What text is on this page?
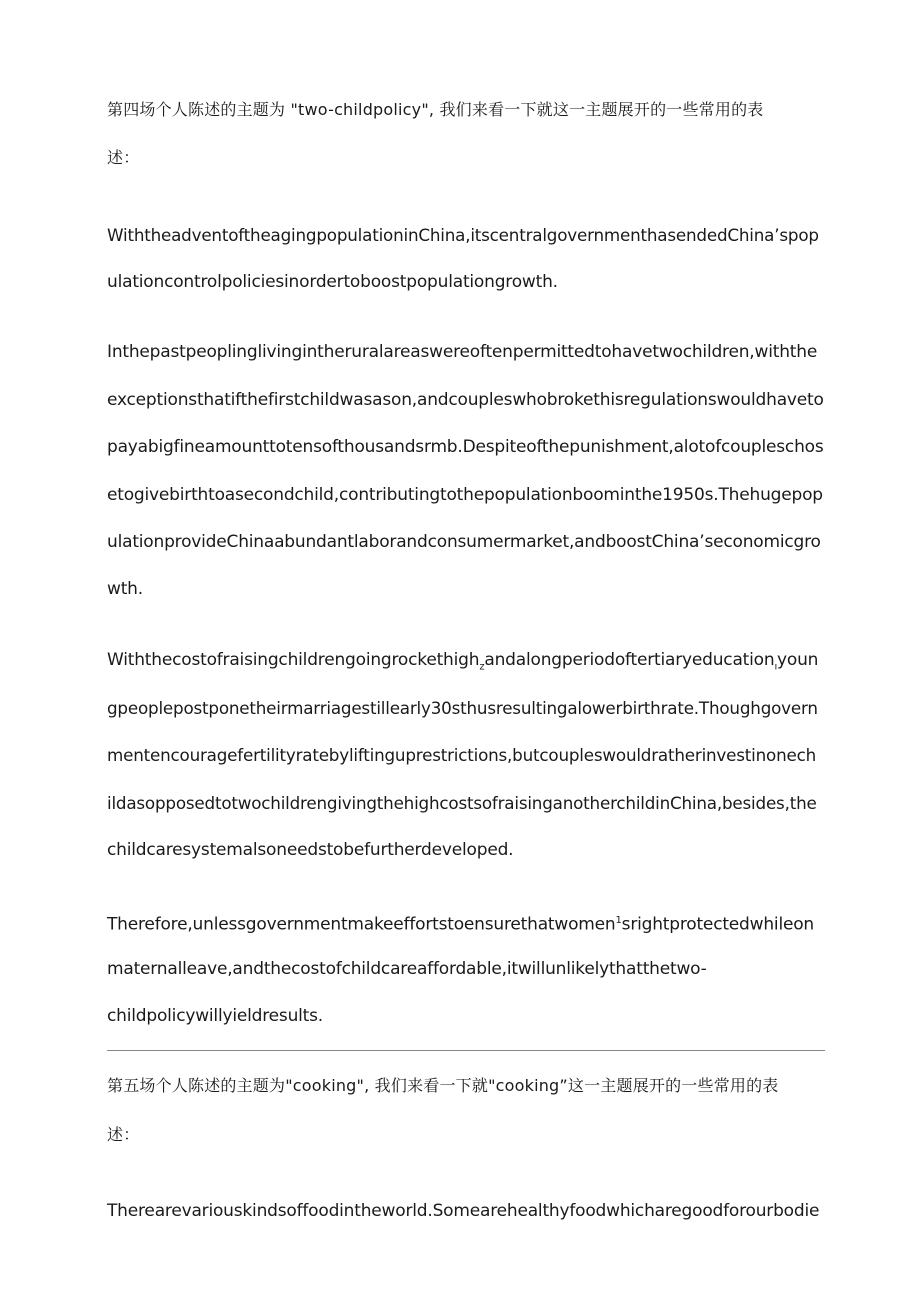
第四场个人陈述的主题为 "two-childpolicy", 我们来看一下就这一主题展开的一些常用的表
述：
WiththeadventoftheagingpopulationinChina,itscentralgovernmenthasendedChina’spop
ulationcontrolpoliciesinordertoboostpopulationgrowth.
Inthepastpeoplinglivingintheruralareaswereoftenpermittedtohavetwochildren,withthe
exceptionsthatifthefirstchildwasason,andcoupleswhobrokethisregulationswouldhaveto
payabigfineamounttotensofthousandsrmb.Despiteofthepunishment,alotofcoupleschos
etogivebirthtoasecondchild,contributingtothepopulationboominthe1950s.Thehugepop
ulationprovideChinaabundantlaborandconsumermarket,andboostChina’seconomicgro
wth.
Withthecostofraisingchildrengoingrockethigh$_z$andalongperiodoftertiaryeducation$_ı$youn
gpeoplepostponetheirmarriagestillearly30sthusresultingalowerbirthrate.Thoughgovern
mentencouragefertilityratebyliftinguprestrictions,butcoupleswouldratherinvestinonech
ildasopposedtotwochildrengivingthehighcostsofraisinganotherchildinChina,besides,the
childcaresystemalsoneedstobefurtherdeveloped.
Therefore,unlessgovernmentmakeeffortstoensurethatwomen$^1$srightprotectedwhileon
maternalleave,andthecostofchildcareaffordable,itwillunlikelythatthetwo-
childpolicywillyieldresults.
第五场个人陈述的主题为"cooking", 我们来看一下就"cooking”这一主题展开的一些常用的表
述：
Therearevariouskindsoffoodintheworld.Somearehealthyfoodwhicharegoodforourbodie
